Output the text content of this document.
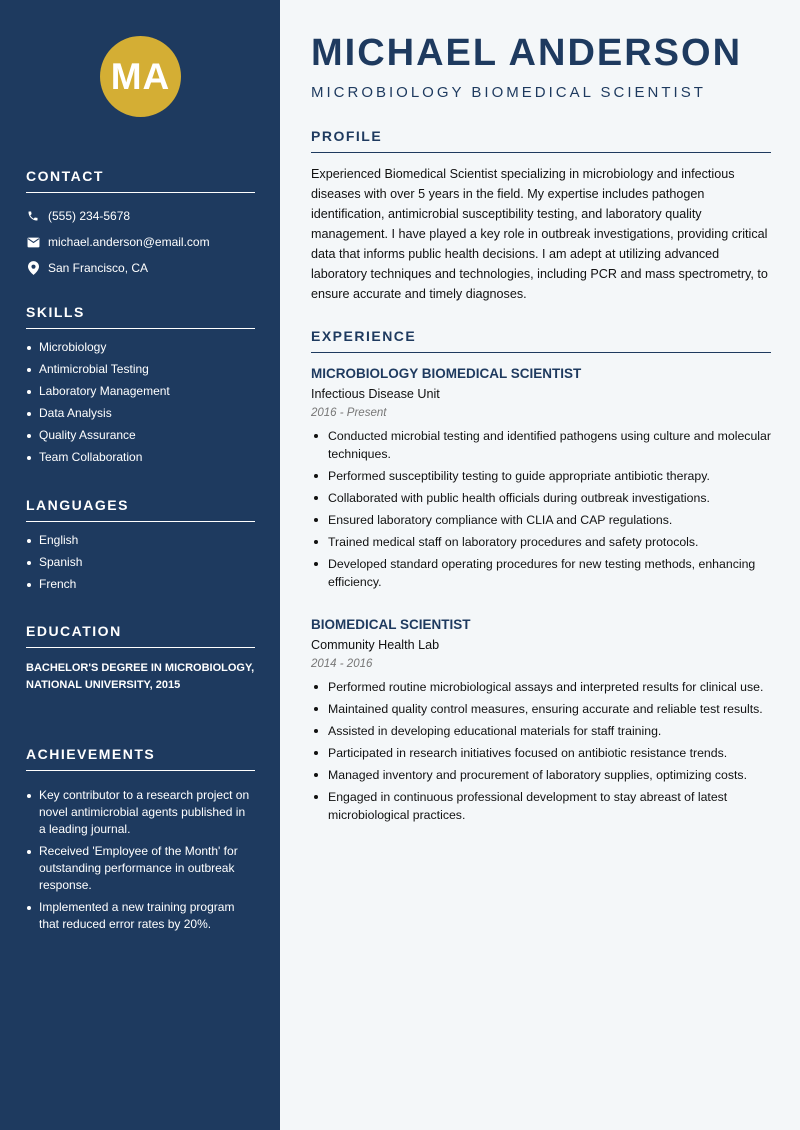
MA
CONTACT
(555) 234-5678
michael.anderson@email.com
San Francisco, CA
SKILLS
Microbiology
Antimicrobial Testing
Laboratory Management
Data Analysis
Quality Assurance
Team Collaboration
LANGUAGES
English
Spanish
French
EDUCATION
BACHELOR'S DEGREE IN MICROBIOLOGY, NATIONAL UNIVERSITY, 2015
ACHIEVEMENTS
Key contributor to a research project on novel antimicrobial agents published in a leading journal.
Received 'Employee of the Month' for outstanding performance in outbreak response.
Implemented a new training program that reduced error rates by 20%.
MICHAEL ANDERSON
MICROBIOLOGY BIOMEDICAL SCIENTIST
PROFILE

Experienced Biomedical Scientist specializing in microbiology and infectious diseases with over 5 years in the field. My expertise includes pathogen identification, antimicrobial susceptibility testing, and laboratory quality management. I have played a key role in outbreak investigations, providing critical data that informs public health decisions. I am adept at utilizing advanced laboratory techniques and technologies, including PCR and mass spectrometry, to ensure accurate and timely diagnoses.

EXPERIENCE
MICROBIOLOGY BIOMEDICAL SCIENTIST
Infectious Disease Unit
2016 - Present
Conducted microbial testing and identified pathogens using culture and molecular techniques.
Performed susceptibility testing to guide appropriate antibiotic therapy.
Collaborated with public health officials during outbreak investigations.
Ensured laboratory compliance with CLIA and CAP regulations.
Trained medical staff on laboratory procedures and safety protocols.
Developed standard operating procedures for new testing methods, enhancing efficiency.
BIOMEDICAL SCIENTIST
Community Health Lab
2014 - 2016
Performed routine microbiological assays and interpreted results for clinical use.
Maintained quality control measures, ensuring accurate and reliable test results.
Assisted in developing educational materials for staff training.
Participated in research initiatives focused on antibiotic resistance trends.
Managed inventory and procurement of laboratory supplies, optimizing costs.
Engaged in continuous professional development to stay abreast of latest microbiological practices.
